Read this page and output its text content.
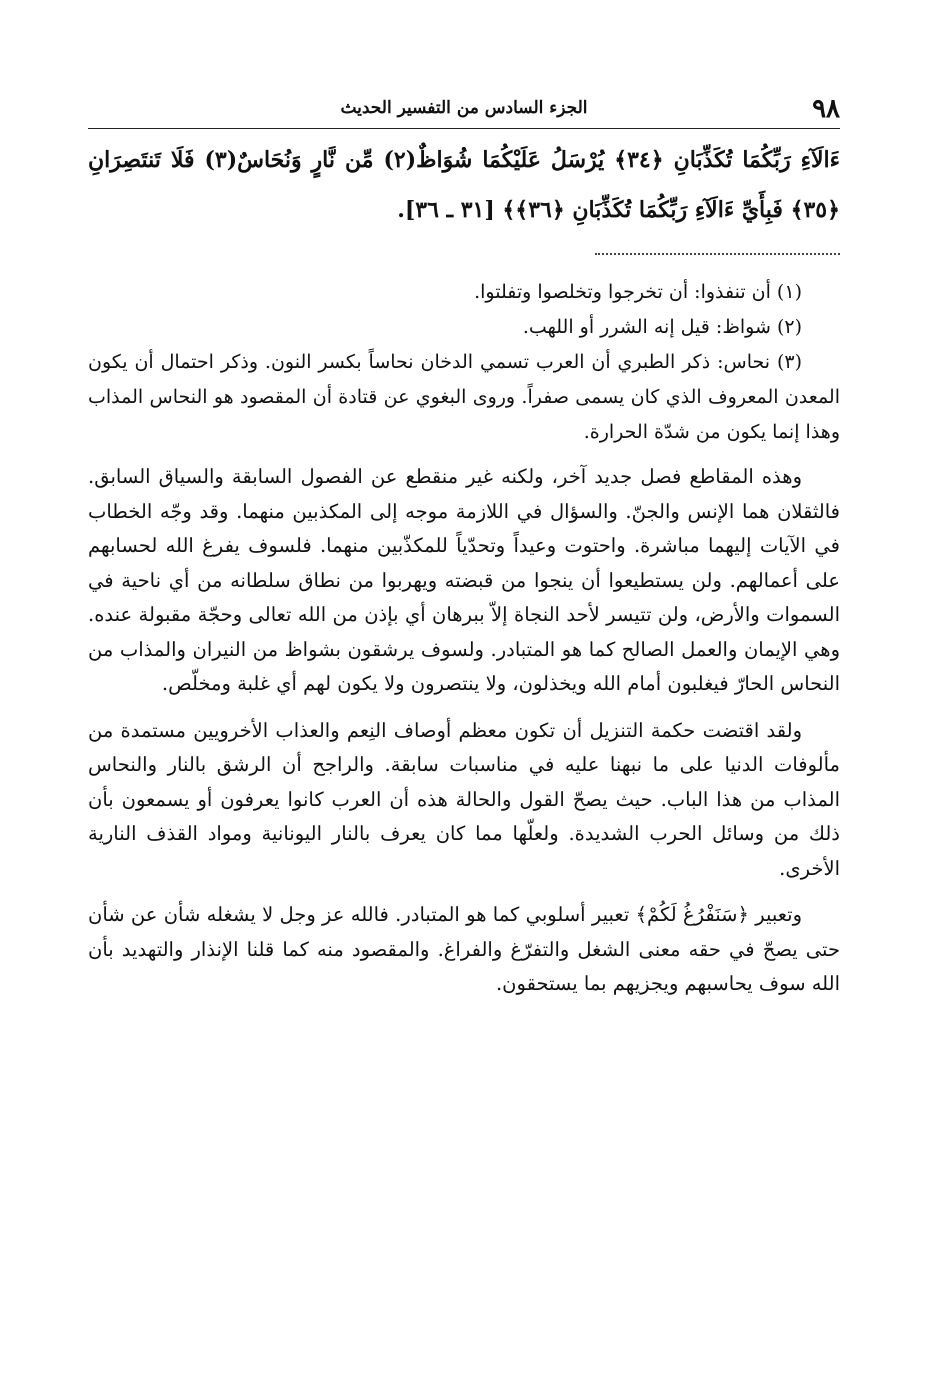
٩٨
الجزء السادس من التفسير الحديث
ءَالَآءِ رَبِّكُمَا تُكَذِّبَانِ ﴿٣٤﴾ يُرْسَلُ عَلَيْكُمَا شُوَاظٌ(٢) مِّن نَّارٍ وَنُحَاسٌ(٣) فَلَا تَنتَصِرَانِ ﴿٣٥﴾ فَبِأَيِّ ءَالَآءِ رَبِّكُمَا تُكَذِّبَانِ ﴿٣٦﴾﴾ [٣١ ـ ٣٦].

(١) أن تنفذوا: أن تخرجوا وتخلصوا وتفلتوا.

(٢) شواظ: قيل إنه الشرر أو اللهب.

(٣) نحاس: ذكر الطبري أن العرب تسمي الدخان نحاساً بكسر النون. وذكر احتمال أن يكون المعدن المعروف الذي كان يسمى صفراً. وروى البغوي عن قتادة أن المقصود هو النحاس المذاب وهذا إنما يكون من شدّة الحرارة.

وهذه المقاطع فصل جديد آخر، ولكنه غير منقطع عن الفصول السابقة والسياق السابق. فالثقلان هما الإنس والجنّ. والسؤال في اللازمة موجه إلى المكذبين منهما. وقد وجّه الخطاب في الآيات إليهما مباشرة. واحتوت وعيداً وتحدّياً للمكذّبين منهما. فلسوف يفرغ الله لحسابهم على أعمالهم. ولن يستطيعوا أن ينجوا من قبضته ويهربوا من نطاق سلطانه من أي ناحية في السموات والأرض، ولن تتيسر لأحد النجاة إلاّ ببرهان أي بإذن من الله تعالى وحجّة مقبولة عنده. وهي الإيمان والعمل الصالح كما هو المتبادر. ولسوف يرشقون بشواظ من النيران والمذاب من النحاس الحارّ فيغلبون أمام الله ويخذلون، ولا ينتصرون ولا يكون لهم أي غلبة ومخلّص.

ولقد اقتضت حكمة التنزيل أن تكون معظم أوصاف النِعم والعذاب الأخرويين مستمدة من مألوفات الدنيا على ما نبهنا عليه في مناسبات سابقة. والراجح أن الرشق بالنار والنحاس المذاب من هذا الباب. حيث يصحّ القول والحالة هذه أن العرب كانوا يعرفون أو يسمعون بأن ذلك من وسائل الحرب الشديدة. ولعلّها مما كان يعرف بالنار اليونانية ومواد القذف النارية الأخرى.

وتعبير ﴿سَنَفْرُغُ لَكُمْ﴾ تعبير أسلوبي كما هو المتبادر. فالله عز وجل لا يشغله شأن عن شأن حتى يصحّ في حقه معنى الشغل والتفرّغ والفراغ. والمقصود منه كما قلنا الإنذار والتهديد بأن الله سوف يحاسبهم ويجزيهم بما يستحقون.
